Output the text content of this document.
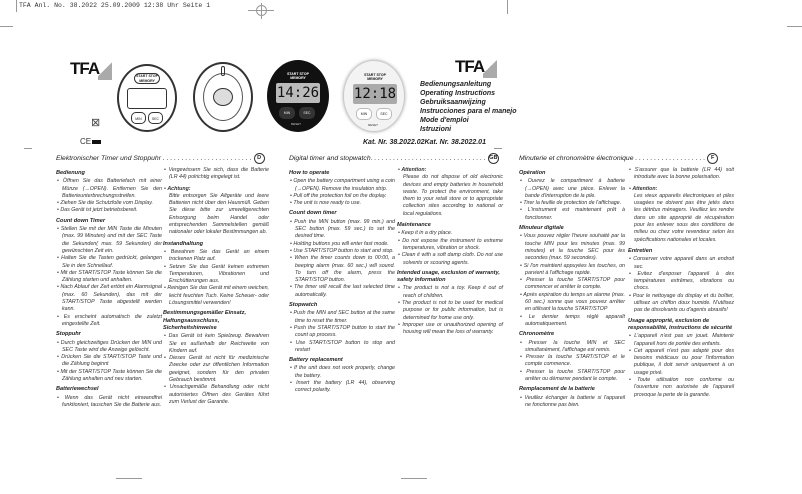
TFA Anl. No. 38.2022 25.09.2009 12:38 Uhr Seite 1
TFA	TFA
⊠
CE
START STOP
MEMORY
MIN	SEC
START STOP
MEMORY
14:26
MIN	SEC
RESET
START STOP
MEMORY
12:18
MIN	SEC
RESET
Bedienungsanleitung
Operating Instructions
Gebruiksaanwijzing
Instrucciones para el manejo
Mode d'emploi
Istruzioni
Kat. Nr. 38.2022.02Kat. Nr. 38.2022.01
Elektronischer Timer und Stoppuhr . . . . . . . . . . . . . . . . . . . . . . . .	D
Bedienung
• Öffnen Sie das Batteriefach mit einer Münze (→OPEN). Entfernen Sie den Batterieunterbrechungsstreifen.
• Ziehen Sie die Schutzfolie vom Display.
• Das Gerät ist jetzt betriebsbereit.
Count down Timer
• Stellen Sie mit der MIN Taste die Minuten (max. 99 Minuten) und mit der SEC Taste die Sekunden( max. 59 Sekunden) der gewünschten Zeit ein.
• Halten Sie die Tasten gedrückt, gelangen Sie in den Schnellauf.
• Mit der START/STOP Taste können Sie die Zählung starten und anhalten.
• Nach Ablauf der Zeit ertönt ein Alarmsignal (max. 60 Sekunden), das mit der START/STOP Taste abgestellt werden kann.
• Es erscheint automatisch die zuletzt eingestellte Zeit.
Stoppuhr
• Durch gleichzeitiges Drücken der MIN und SEC Taste wird die Anzeige gelöscht.
• Drücken Sie die START/STOP Taste und die Zählung beginnt
• Mit der START/STOP Taste können Sie die Zählung anhalten und neu starten.
Batteriewechsel
• Wenn das Gerät nicht einwandfrei funktioniert, tauschen Sie die Batterie aus.
• Vergewissern Sie sich, dass die Batterie (LR 44) polrichtig eingelegt ist.
• Achtung:
Bitte entsorgen Sie Altgeräte und leere Batterien nicht über den Hausmüll. Geben Sie diese bitte zur umweltgerechten Entsorgung beim Handel oder entsprechenden Sammelstellen gemäß nationaler oder lokaler Bestimmungen ab.
Instandhaltung
• Bewahren Sie das Gerät an einem trockenen Platz auf.
• Setzen Sie das Gerät keinen extremen Temperaturen, Vibrationen und Erschütterungen aus.
• Reinigen Sie das Gerät mit einem weichen, leicht feuchten Tuch. Keine Scheuer- oder Lösungsmittel verwenden!
Bestimmungsgemäßer Einsatz, Haftungsausschluss, Sicherheitshinweise
• Das Gerät ist kein Spielzeug. Bewahren Sie es außerhalb der Reichweite von Kindern auf.
• Dieses Gerät ist nicht für medizinische Zwecke oder zur öffentlichen Information geeignet, sondern für den privaten Gebrauch bestimmt.
• Unsachgemäße Behandlung oder nicht autorisiertes Öffnen des Gerätes führt zum Verlust der Garantie.
Digital timer and stopwatch. . . . . . . . . . . . . . . . . . . . . . . . . . . . . . . GB
How to operate
• Open the battery compartment using a coin (→OPEN). Remove the insulation strip.
• Pull off the protection foil on the display.
• The unit is now ready to use.
Count down timer
• Push the MIN button (max. 99 min.) and SEC button (max. 59 sec.) to set the desired time.
• Holding buttons you will enter fast mode.
• Use START/STOP button to start and stop.
• When the timer counts down to 00:00, a beeping alarm (max. 60 sec.) will sound. To turn off the alarm, press the START/STOP button.
• The timer will recall the last selected time automatically.
Stopwatch
• Push the MIN and SEC button at the same time to reset the timer.
• Push the START/STOP button to start the count up process.
• Use START/STOP button to stop and restart
Battery replacement
• If the unit does not work properly, change the battery.
• Insert the battery (LR 44), observing correct polarity.
• Attention:
Please do not dispose of old electronic devices and empty batteries in household waste. To protect the environment, take them to your retail store or to appropriate collection sites according to national or local regulations.
Maintenance
• Keep it in a dry place.
• Do not expose the instrument to extreme temperatures, vibration or shock.
• Clean it with a soft damp cloth. Do not use solvents or scouring agents.
Intended usage, exclusion of warranty, safety information
• The product is not a toy. Keep it out of reach of children.
• The product is not to be used for medical purpose or for public information, but is determined for home use only.
• Improper use or unauthorized opening of housing will mean the loss of warranty.
Minuterie et chronomètre électronique . . . . . . . . . . . . . . . . . . .	F
Opération
• Ouvrez le compartiment à batterie (→OPEN) avec une pièce. Enlever la bande d'interruption de la pile.
• Tirer la feuille de protection de l'affichage.
• L'instrument est maintenant prêt à fonctionner.
Minuteur digitale
• Vous pouvez régler l'heure souhaité par la touche MIN pour les minutes (max. 99 minutes) et la touche SEC pour les secondes (max. 59 secondes).
• Si l'on maintient appuyées les touches, on parvient à l'affichage rapide.
• Presser la touche START/STOP pour commencer et arrêter le compte.
• Après expiration du temps un alarme (max. 60 sec.) sonne que vous pouvez arrêter en utilisant la touche START/STOP
• Le dernier temps réglé apparaît automatiquement.
Chronomètre
• Presser la touche MIN et SEC simultanément, l'affichage est remis.
• Presser la touche START/STOP et le compte commence.
• Presser la touche START/STOP pour arrêter ou démarrer pendant le compte.
Remplacement de la batterie
• Veuillez échanger la batterie si l'appareil ne fonctionne pas bien.
• S'assurer que la batterie (LR 44) soit introduite avec la bonne polarisation.
• Attention:
Les vieux appareils électroniques et piles usagées ne doivent pas être jetés dans les détritus ménagers. Veuillez les rendre dans un site approprié de récupération pour les enlever sous des conditions de milieu ou chez votre revendeur selon les spécifications nationales et locales.
Entretien
• Conserver votre appareil dans un endroit sec.
• Evitez d'exposer l'appareil à des températures extrêmes, vibrations ou chocs.
• Pour le nettoyage du display et du boîtier, utilisez un chiffon doux humide. N'utilisez pas de dissolvants ou d'agents abrasifs!
Usage approprié, exclusion de responsabilité, instructions de sécurité
• L'appareil n'est pas un jouet. Maintenir l'appareil hors de portée des enfants.
• Cet appareil n'est pas adapté pour des besoins médicaux ou pour l'information publique, il doit servir uniquement à un usage privé.
• Toute utilisation non conforme ou l'ouverture non autorisée de l'appareil provoque la perte de la garantie.
